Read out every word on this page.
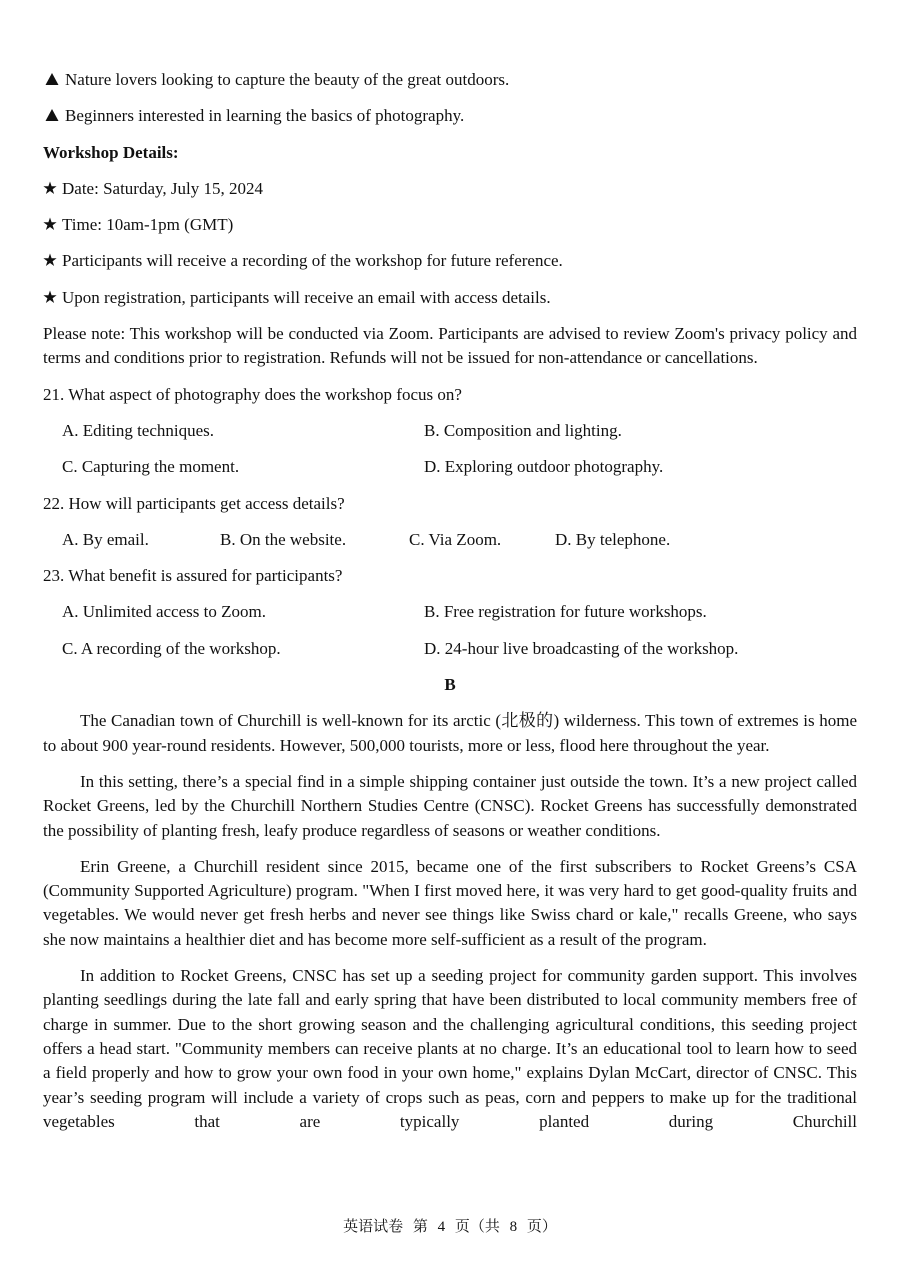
Nature lovers looking to capture the beauty of the great outdoors.
Beginners interested in learning the basics of photography.
Workshop Details:
Date: Saturday, July 15, 2024
Time: 10am-1pm (GMT)
Participants will receive a recording of the workshop for future reference.
Upon registration, participants will receive an email with access details.

Please note: This workshop will be conducted via Zoom. Participants are advised to review Zoom's privacy policy and terms and conditions prior to registration. Refunds will not be issued for non-attendance or cancellations.

21. What aspect of photography does the workshop focus on?
A. Editing techniques.	B. Composition and lighting.
C. Capturing the moment.	D. Exploring outdoor photography.
22. How will participants get access details?
A. By email.	B. On the website.	C. Via Zoom.	D. By telephone.
23. What benefit is assured for participants?
A. Unlimited access to Zoom.	B. Free registration for future workshops.
C. A recording of the workshop.	D. 24-hour live broadcasting of the workshop.
B

The Canadian town of Churchill is well-known for its arctic (北极的) wilderness. This town of extremes is home to about 900 year-round residents. However, 500,000 tourists, more or less, flood here throughout the year.

In this setting, there’s a special find in a simple shipping container just outside the town. It’s a new project called Rocket Greens, led by the Churchill Northern Studies Centre (CNSC). Rocket Greens has successfully demonstrated the possibility of planting fresh, leafy produce regardless of seasons or weather conditions.

Erin Greene, a Churchill resident since 2015, became one of the first subscribers to Rocket Greens’s CSA (Community Supported Agriculture) program. "When I first moved here, it was very hard to get good-quality fruits and vegetables. We would never get fresh herbs and never see things like Swiss chard or kale," recalls Greene, who says she now maintains a healthier diet and has become more self-sufficient as a result of the program.

In addition to Rocket Greens, CNSC has set up a seeding project for community garden support. This involves planting seedlings during the late fall and early spring that have been distributed to local community members free of charge in summer. Due to the short growing season and the challenging agricultural conditions, this seeding project offers a head start. "Community members can receive plants at no charge. It’s an educational tool to learn how to seed a field properly and how to grow your own food in your own home," explains Dylan McCart, director of CNSC. This year’s seeding program will include a variety of crops such as peas, corn and peppers to make up for the traditional vegetables that are typically planted during Churchill

英语试卷 第 4 页（共 8 页）
